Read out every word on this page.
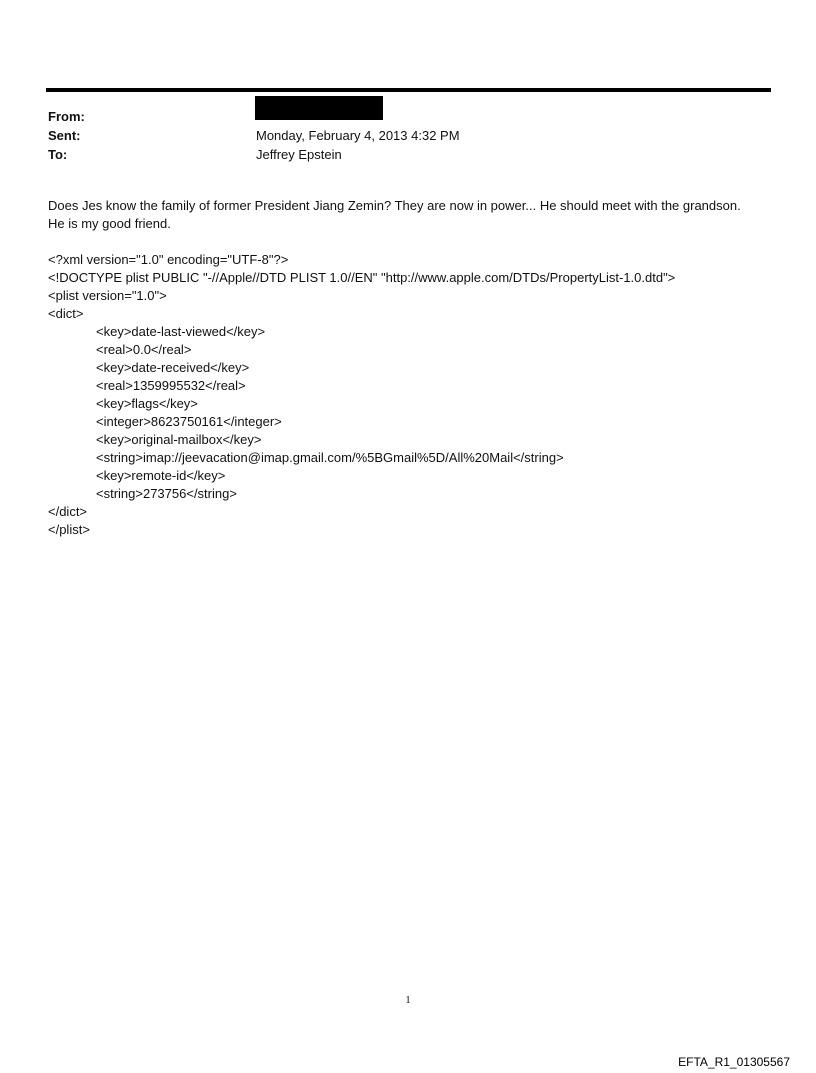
From:
Sent:	Monday, February 4, 2013 4:32 PM
To:	Jeffrey Epstein

Does Jes know the family of former President Jiang Zemin? They are now in power... He should meet with the grandson.

He is my good friend.

<?xml version="1.0" encoding="UTF-8"?>
<!DOCTYPE plist PUBLIC "-//Apple//DTD PLIST 1.0//EN" "http://www.apple.com/DTDs/PropertyList-1.0.dtd">
<plist version="1.0">
<dict>
<key>date-last-viewed</key>
<real>0.0</real>
<key>date-received</key>
<real>1359995532</real>
<key>flags</key>
<integer>8623750161</integer>
<key>original-mailbox</key>
<string>imap://jeevacation@imap.gmail.com/%5BGmail%5D/All%20Mail</string>
<key>remote-id</key>
<string>273756</string>
</dict>
</plist>
1
EFTA_R1_01305567
